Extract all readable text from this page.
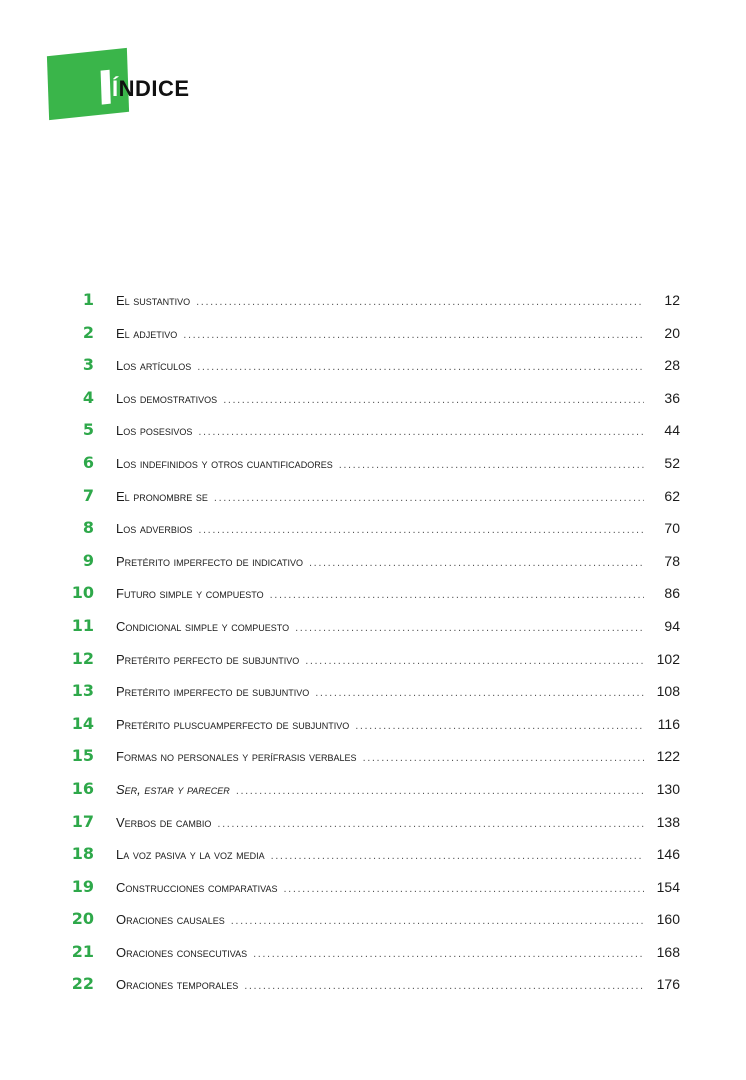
ÍNDICE
1 El sustantivo .....	12
2 El adjetivo .....	20
3 Los artículos .....	28
4 Los demostrativos .....	36
5 Los posesivos .....	44
6 Los indefinidos y otros cuantificadores .....	52
7 El pronombre se .....	62
8 Los adverbios .....	70
9 Pretérito imperfecto de indicativo .....	78
10 Futuro simple y compuesto .....	86
11 Condicional simple y compuesto .....	94
12 Pretérito perfecto de subjuntivo .....	102
13 Pretérito imperfecto de subjuntivo .....	108
14 Pretérito pluscuamperfecto de subjuntivo .....	116
15 Formas no personales y perífrasis verbales .....	122
16 Ser, estar y parecer .....	130
17 Verbos de cambio .....	138
18 La voz pasiva y la voz media .....	146
19 Construcciones comparativas .....	154
20 Oraciones causales .....	160
21 Oraciones consecutivas .....	168
22 Oraciones temporales .....	176
